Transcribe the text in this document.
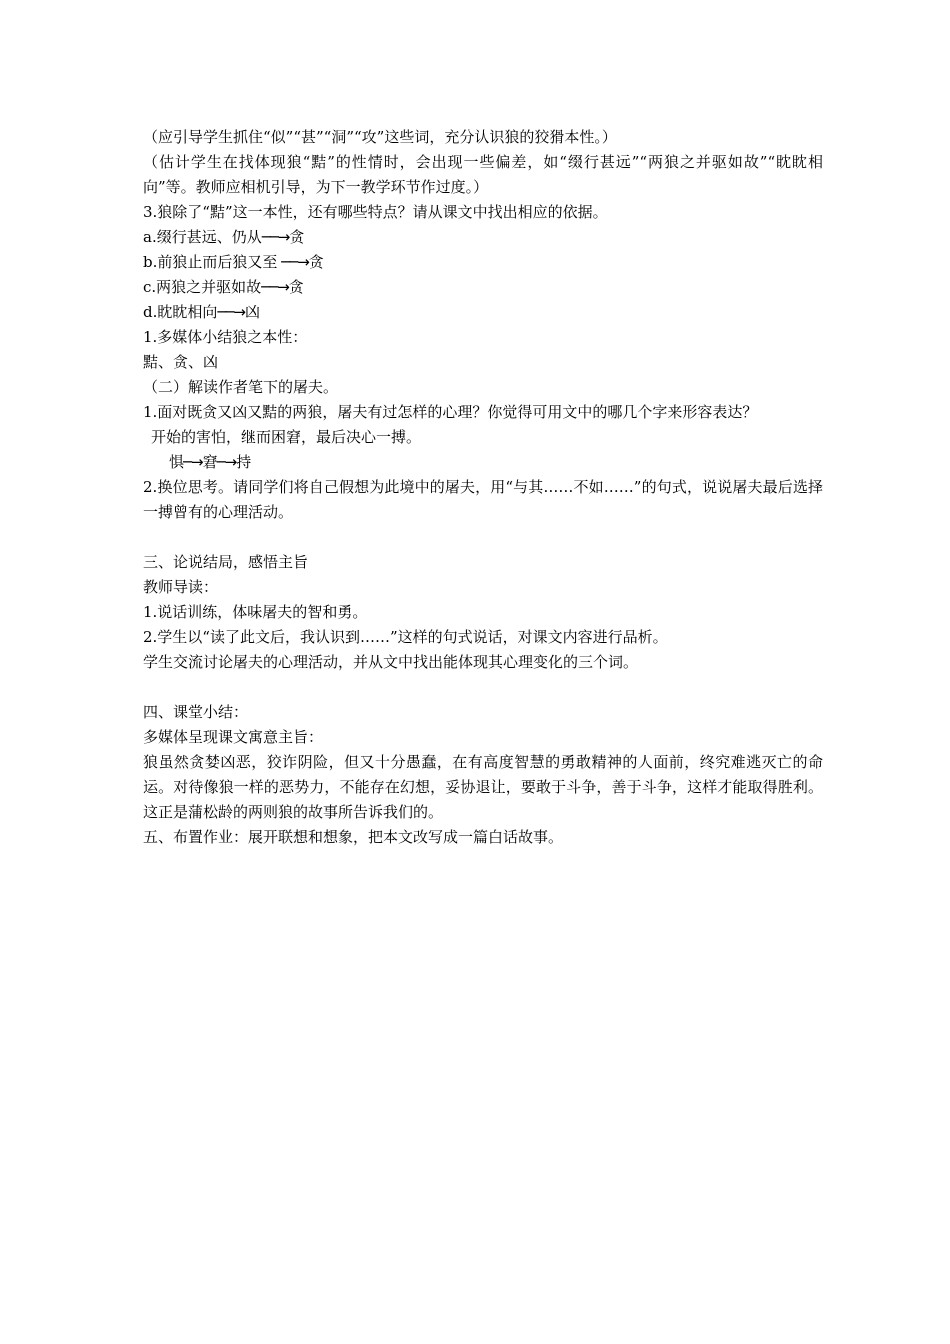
（应引导学生抓住“似”“甚”“洞”“攻”这些词，充分认识狼的狡猾本性。）
（估计学生在找体现狼“黠”的性情时，会出现一些偏差，如“缀行甚远”“两狼之并驱如故”“眈眈相向”等。教师应相机引导，为下一教学环节作过度。）
3.狼除了“黠”这一本性，还有哪些特点？请从课文中找出相应的依据。
a.缀行甚远、仍从──→贪
b.前狼止而后狼又至 ──→贪
c.两狼之并驱如故──→贪
d.眈眈相向──→凶
1.多媒体小结狼之本性：
黠、贪、凶
（二）解读作者笔下的屠夫。
1.面对既贪又凶又黠的两狼，屠夫有过怎样的心理？你觉得可用文中的哪几个字来形容表达？
开始的害怕，继而困窘，最后决心一搏。
惧─→窘─→持
2.换位思考。请同学们将自己假想为此境中的屠夫，用“与其……不如……”的句式，说说屠夫最后选择一搏曾有的心理活动。
三、论说结局，感悟主旨
教师导读：
1.说话训练，体味屠夫的智和勇。
2.学生以“读了此文后，我认识到……”这样的句式说话，对课文内容进行品析。
学生交流讨论屠夫的心理活动，并从文中找出能体现其心理变化的三个词。
四、课堂小结：
多媒体呈现课文寓意主旨：
狼虽然贪婪凶恶，狡诈阴险，但又十分愚蠢，在有高度智慧的勇敢精神的人面前，终究难逃灭亡的命运。对待像狼一样的恶势力，不能存在幻想，妥协退让，要敢于斗争，善于斗争，这样才能取得胜利。这正是蒲松龄的两则狼的故事所告诉我们的。
五、布置作业：展开联想和想象，把本文改写成一篇白话故事。
